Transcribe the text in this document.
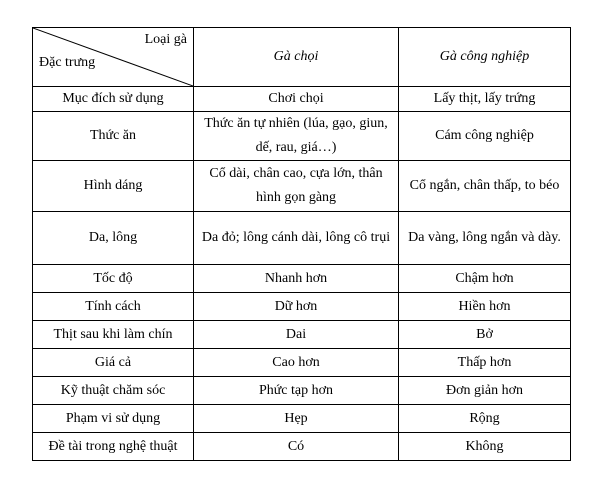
Loại gà
Đặc trưng	Gà chọi	Gà công nghiệp
Mục đích sử dụng	Chơi chọi	Lấy thịt, lấy trứng
Thức ăn	Thức ăn tự nhiên (lúa, gạo, giun, dế, rau, giá…)	Cám công nghiệp
Hình dáng	Cổ dài, chân cao, cựa lớn, thân hình gọn gàng	Cổ ngắn, chân thấp, to béo
Da, lông	Da đỏ; lông cánh dài, lông cô trụi	Da vàng, lông ngắn và dày.
Tốc độ	Nhanh hơn	Chậm hơn
Tính cách	Dữ hơn	Hiền hơn
Thịt sau khi làm chín	Dai	Bở
Giá cả	Cao hơn	Thấp hơn
Kỹ thuật chăm sóc	Phức tạp hơn	Đơn giản hơn
Phạm vi sử dụng	Hẹp	Rộng
Đề tài trong nghệ thuật	Có	Không
